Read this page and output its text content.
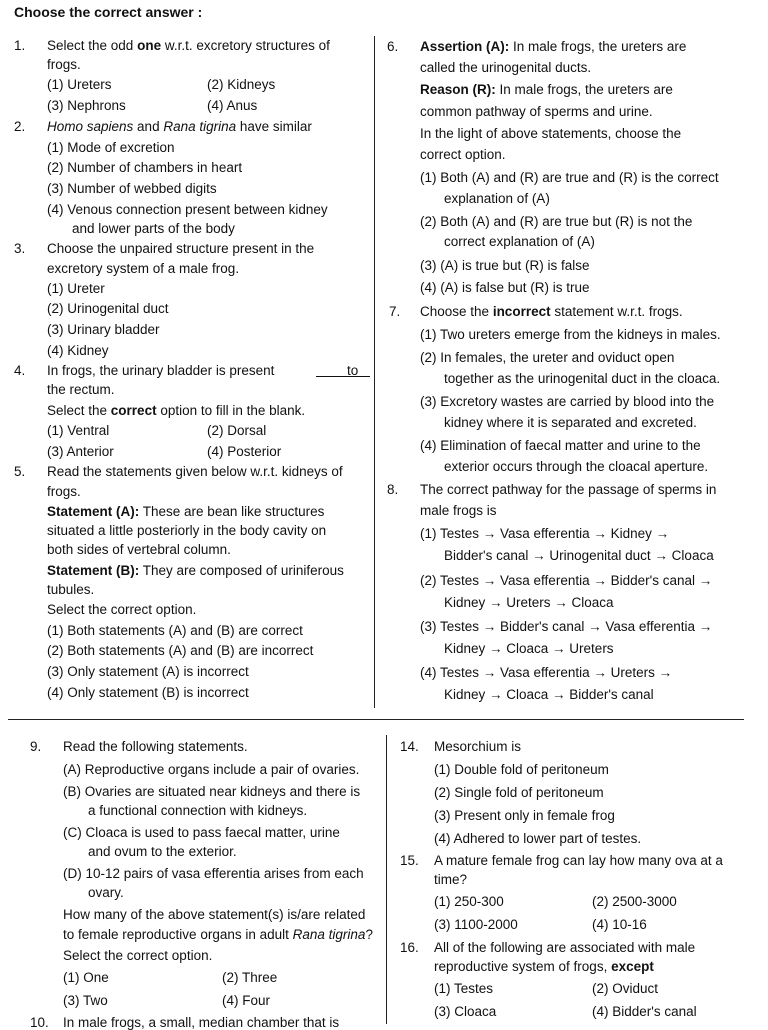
Choose the correct answer :
1. Select the odd one w.r.t. excretory structures of
frogs.
(1) Ureters	(2) Kidneys
(3) Nephrons	(4) Anus
2. Homo sapiens and Rana tigrina have similar
(1) Mode of excretion
(2) Number of chambers in heart
(3) Number of webbed digits
(4) Venous connection present between kidney
and lower parts of the body
3. Choose the unpaired structure present in the
excretory system of a male frog.
(1) Ureter
(2) Urinogenital duct
(3) Urinary bladder
(4) Kidney
4. In frogs, the urinary bladder is present	to
the rectum.
Select the correct option to fill in the blank.
(1) Ventral	(2) Dorsal
(3) Anterior	(4) Posterior
5. Read the statements given below w.r.t. kidneys of
frogs.
Statement (A): These are bean like structures
situated a little posteriorly in the body cavity on
both sides of vertebral column.
Statement (B): They are composed of uriniferous
tubules.
Select the correct option.
(1) Both statements (A) and (B) are correct
(2) Both statements (A) and (B) are incorrect
(3) Only statement (A) is incorrect
(4) Only statement (B) is incorrect
6. Assertion (A): In male frogs, the ureters are
called the urinogenital ducts.
Reason (R): In male frogs, the ureters are
common pathway of sperms and urine.
In the light of above statements, choose the
correct option.
(1) Both (A) and (R) are true and (R) is the correct
explanation of (A)
(2) Both (A) and (R) are true but (R) is not the
correct explanation of (A)
(3) (A) is true but (R) is false
(4) (A) is false but (R) is true
7. Choose the incorrect statement w.r.t. frogs.
(1) Two ureters emerge from the kidneys in males.
(2) In females, the ureter and oviduct open
together as the urinogenital duct in the cloaca.
(3) Excretory wastes are carried by blood into the
kidney where it is separated and excreted.
(4) Elimination of faecal matter and urine to the
exterior occurs through the cloacal aperture.
8. The correct pathway for the passage of sperms in
male frogs is
(1) Testes → Vasa efferentia → Kidney →
Bidder's canal → Urinogenital duct → Cloaca
(2) Testes → Vasa efferentia → Bidder's canal →
Kidney → Ureters → Cloaca
(3) Testes → Bidder's canal → Vasa efferentia →
Kidney → Cloaca → Ureters
(4) Testes → Vasa efferentia → Ureters →
Kidney → Cloaca → Bidder's canal
9. Read the following statements.
(A) Reproductive organs include a pair of ovaries.
(B) Ovaries are situated near kidneys and there is
a functional connection with kidneys.
(C) Cloaca is used to pass faecal matter, urine
and ovum to the exterior.
(D) 10-12 pairs of vasa efferentia arises from each
ovary.
How many of the above statement(s) is/are related
to female reproductive organs in adult Rana tigrina?
Select the correct option.
(1) One	(2) Three
(3) Two	(4) Four
10. In male frogs, a small, median chamber that is
14. Mesorchium is
(1) Double fold of peritoneum
(2) Single fold of peritoneum
(3) Present only in female frog
(4) Adhered to lower part of testes.
15. A mature female frog can lay how many ova at a
time?
(1) 250-300	(2) 2500-3000
(3) 1100-2000	(4) 10-16
16. All of the following are associated with male
reproductive system of frogs, except
(1) Testes	(2) Oviduct
(3) Cloaca	(4) Bidder's canal
